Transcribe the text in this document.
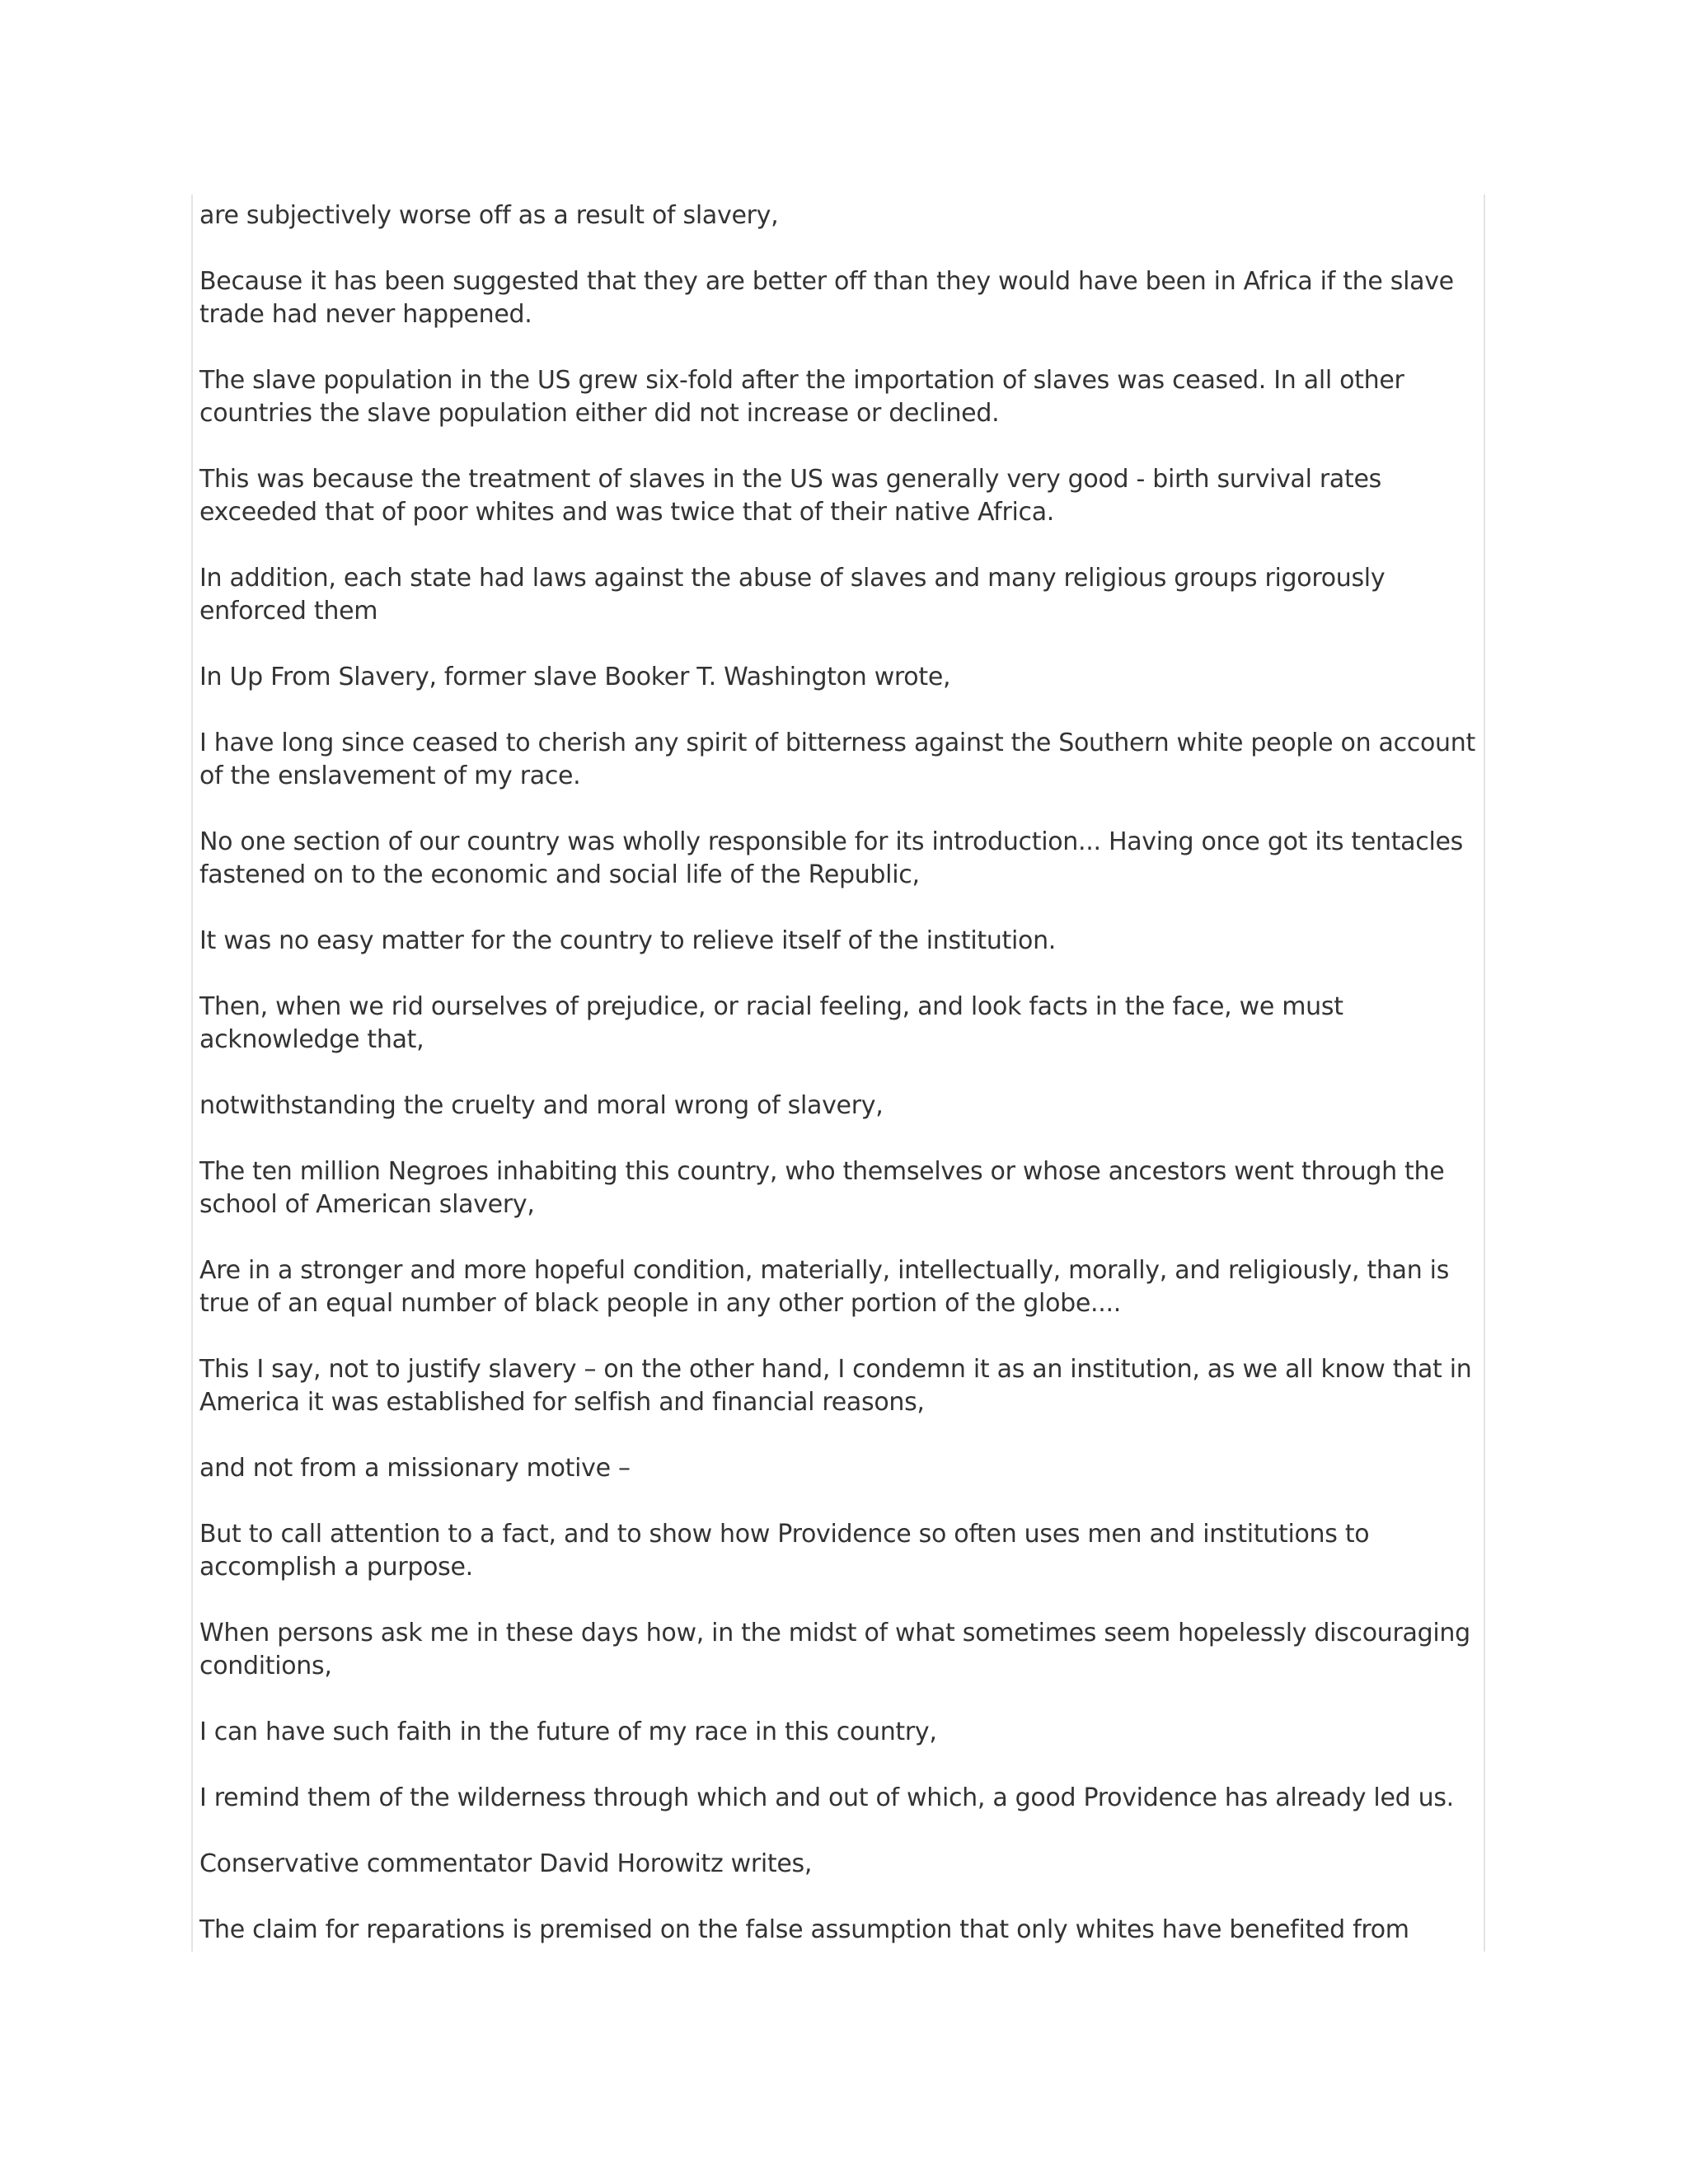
are subjectively worse off as a result of slavery,

Because it has been suggested that they are better off than they would have been in Africa if the slave trade had never happened.

The slave population in the US grew six-fold after the importation of slaves was ceased. In all other countries the slave population either did not increase or declined.

This was because the treatment of slaves in the US was generally very good - birth survival rates exceeded that of poor whites and was twice that of their native Africa.

In addition, each state had laws against the abuse of slaves and many religious groups rigorously enforced them

In Up From Slavery, former slave Booker T. Washington wrote,

I have long since ceased to cherish any spirit of bitterness against the Southern white people on account of the enslavement of my race.

No one section of our country was wholly responsible for its introduction... Having once got its tentacles fastened on to the economic and social life of the Republic,

It was no easy matter for the country to relieve itself of the institution.

Then, when we rid ourselves of prejudice, or racial feeling, and look facts in the face, we must acknowledge that,

notwithstanding the cruelty and moral wrong of slavery,

The ten million Negroes inhabiting this country, who themselves or whose ancestors went through the school of American slavery,

Are in a stronger and more hopeful condition, materially, intellectually, morally, and religiously, than is true of an equal number of black people in any other portion of the globe....

This I say, not to justify slavery – on the other hand, I condemn it as an institution, as we all know that in America it was established for selfish and financial reasons,

and not from a missionary motive –

But to call attention to a fact, and to show how Providence so often uses men and institutions to accomplish a purpose.

When persons ask me in these days how, in the midst of what sometimes seem hopelessly discouraging conditions,

I can have such faith in the future of my race in this country,

I remind them of the wilderness through which and out of which, a good Providence has already led us.

Conservative commentator David Horowitz writes,

The claim for reparations is premised on the false assumption that only whites have benefited from
